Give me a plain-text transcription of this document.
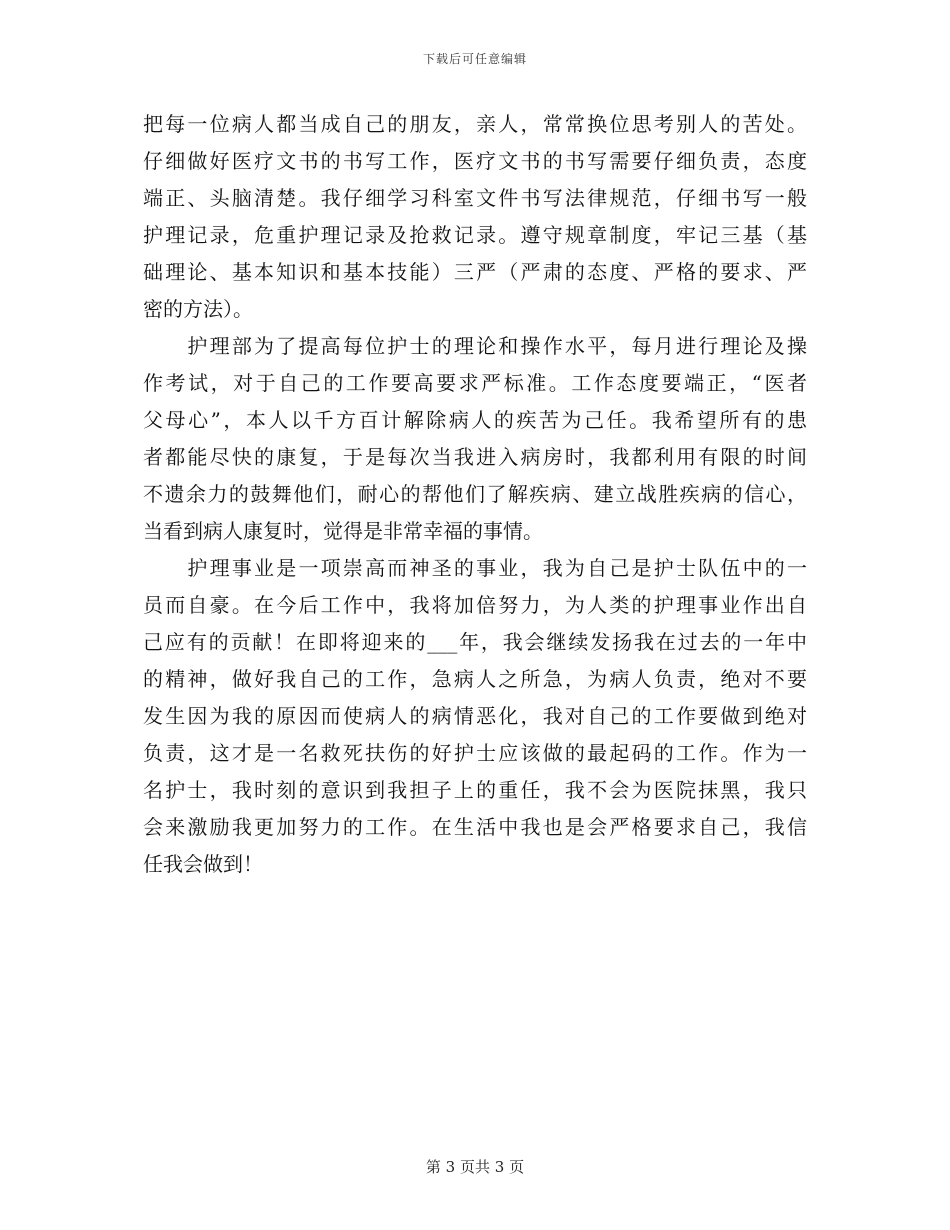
下载后可任意编辑
把每一位病人都当成自己的朋友，亲人，常常换位思考别人的苦处。
仔细做好医疗文书的书写工作，医疗文书的书写需要仔细负责，态度
端正、头脑清楚。我仔细学习科室文件书写法律规范，仔细书写一般
护理记录，危重护理记录及抢救记录。遵守规章制度，牢记三基（基
础理论、基本知识和基本技能）三严（严肃的态度、严格的要求、严
密的方法）。
　　护理部为了提高每位护士的理论和操作水平，每月进行理论及操
作考试，对于自己的工作要高要求严标准。工作态度要端正，“医者
父母心”，本人以千方百计解除病人的疾苦为己任。我希望所有的患
者都能尽快的康复，于是每次当我进入病房时，我都利用有限的时间
不遗余力的鼓舞他们，耐心的帮他们了解疾病、建立战胜疾病的信心，
当看到病人康复时，觉得是非常幸福的事情。
　　护理事业是一项崇高而神圣的事业，我为自己是护士队伍中的一
员而自豪。在今后工作中，我将加倍努力，为人类的护理事业作出自
己应有的贡献！在即将迎来的___年，我会继续发扬我在过去的一年中
的精神，做好我自己的工作，急病人之所急，为病人负责，绝对不要
发生因为我的原因而使病人的病情恶化，我对自己的工作要做到绝对
负责，这才是一名救死扶伤的好护士应该做的最起码的工作。作为一
名护士，我时刻的意识到我担子上的重任，我不会为医院抹黑，我只
会来激励我更加努力的工作。在生活中我也是会严格要求自己，我信
任我会做到！
第 3 页共 3 页
